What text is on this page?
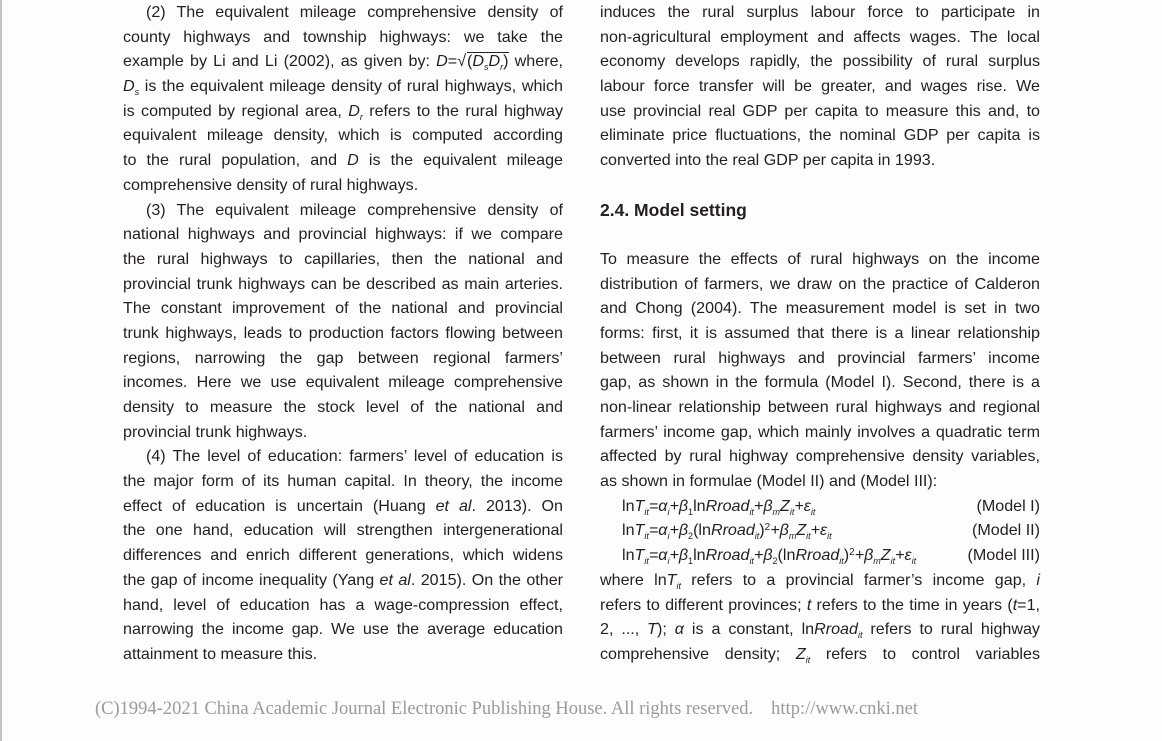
(2) The equivalent mileage comprehensive density of
county highways and township highways: we take the
example by Li and Li (2002), as given by: $D=√(D_sD_r)$ where,
$D_s$ is the equivalent mileage density of rural highways, which
is computed by regional area, $D_r$ refers to the rural highway
equivalent mileage density, which is computed according
to the rural population, and D is the equivalent mileage
comprehensive density of rural highways.
(3) The equivalent mileage comprehensive density of
national highways and provincial highways: if we compare
the rural highways to capillaries, then the national and
provincial trunk highways can be described as main arteries.
The constant improvement of the national and provincial
trunk highways, leads to production factors flowing between
regions, narrowing the gap between regional farmers’
incomes. Here we use equivalent mileage comprehensive
density to measure the stock level of the national and
provincial trunk highways.
(4) The level of education: farmers’ level of education is
the major form of its human capital. In theory, the income
effect of education is uncertain (Huang et al. 2013). On
the one hand, education will strengthen intergenerational
differences and enrich different generations, which widens
the gap of income inequality (Yang et al. 2015). On the other
hand, level of education has a wage-compression effect,
narrowing the income gap. We use the average education
attainment to measure this.
induces the rural surplus labour force to participate in
non-agricultural employment and affects wages. The local
economy develops rapidly, the possibility of rural surplus
labour force transfer will be greater, and wages rise. We
use provincial real GDP per capita to measure this and, to
eliminate price fluctuations, the nominal GDP per capita is
converted into the real GDP per capita in 1993.
2.4. Model setting
To measure the effects of rural highways on the income
distribution of farmers, we draw on the practice of Calderon
and Chong (2004). The measurement model is set in two
forms: first, it is assumed that there is a linear relationship
between rural highways and provincial farmers’ income
gap, as shown in the formula (Model I). Second, there is a
non-linear relationship between rural highways and regional
farmers’ income gap, which mainly involves a quadratic term
affected by rural highway comprehensive density variables,
as shown in formulae (Model II) and (Model III):
$\ln T_{it}=\alpha_i+\beta_1lnRroad_{it}+\beta_mZ_{it}+\varepsilon_{it}$	(Model I)
$\ln T_{it}=\alpha_i+\beta_2(lnRroad_{it})^2+\beta_mZ_{it}+\varepsilon_{it}$	(Model II)
$\ln T_{it}=\alpha_i+\beta_1lnRroad_{it}+\beta_2(lnRroad_{it})^2+\beta_mZ_{it}+\varepsilon_{it}$	(Model III)
where lnT$_{it}$ refers to a provincial farmer’s income gap, i
refers to different provinces; t refers to the time in years (t=1,
2, ..., T); α is a constant, lnRroad$_{it}$ refers to rural highway
comprehensive density; $Z_{it}$ refers to control variables
(C)1994-2021 China Academic Journal Electronic Publishing House. All rights reserved. http://www.cnki.net
